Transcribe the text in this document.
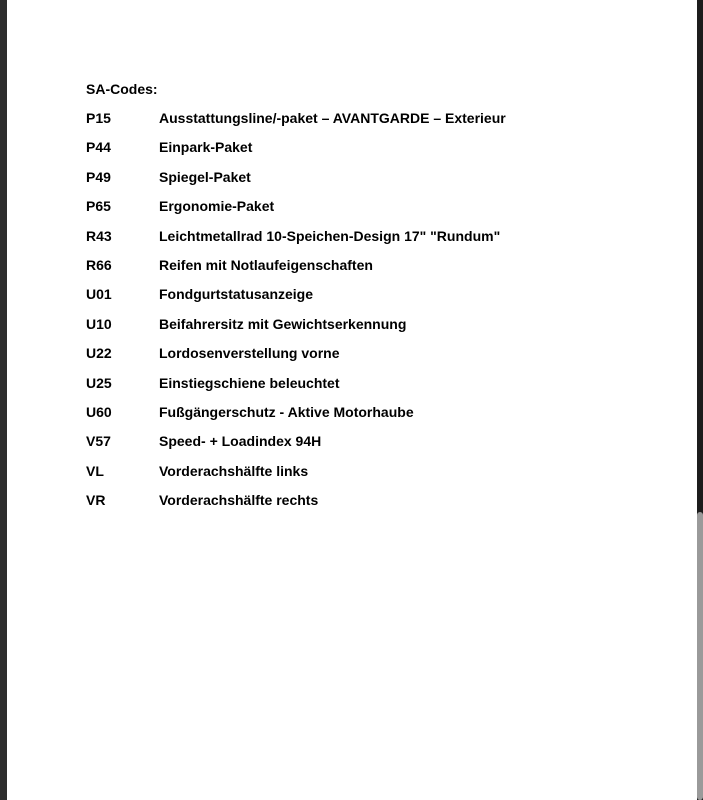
SA-Codes:
P15	Ausstattungsline/-paket – AVANTGARDE – Exterieur
P44	Einpark-Paket
P49	Spiegel-Paket
P65	Ergonomie-Paket
R43	Leichtmetallrad 10-Speichen-Design 17" "Rundum"
R66	Reifen mit Notlaufeigenschaften
U01	Fondgurtstatusanzeige
U10	Beifahrersitz mit Gewichtserkennung
U22	Lordosenverstellung vorne
U25	Einstiegschiene beleuchtet
U60	Fußgängerschutz - Aktive Motorhaube
V57	Speed- + Loadindex 94H
VL	Vorderachshälfte links
VR	Vorderachshälfte rechts
